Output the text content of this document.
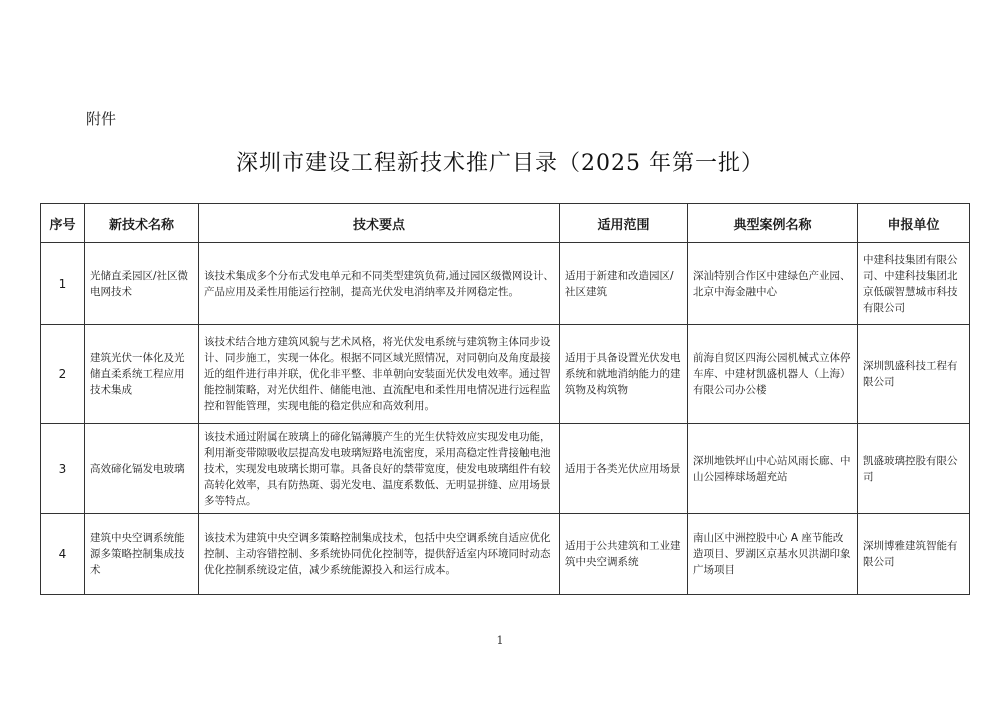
附件
深圳市建设工程新技术推广目录（2025 年第一批）
序号	新技术名称	技术要点	适用范围	典型案例名称	申报单位
1	光储直柔园区/社区微电网技术	该技术集成多个分布式发电单元和不同类型建筑负荷,通过园区级微网设计、产品应用及柔性用能运行控制，提高光伏发电消纳率及并网稳定性。	适用于新建和改造园区/社区建筑	深汕特别合作区中建绿色产业园、北京中海金融中心	中建科技集团有限公司、中建科技集团北京低碳智慧城市科技有限公司
2	建筑光伏一体化及光储直柔系统工程应用技术集成	该技术结合地方建筑风貌与艺术风格，将光伏发电系统与建筑物主体同步设计、同步施工，实现一体化。根据不同区域光照情况，对同朝向及角度最接近的组件进行串并联，优化非平整、非单朝向安装面光伏发电效率。通过智能控制策略，对光伏组件、储能电池、直流配电和柔性用电情况进行远程监控和智能管理，实现电能的稳定供应和高效利用。	适用于具备设置光伏发电系统和就地消纳能力的建筑物及构筑物	前海自贸区四海公园机械式立体停车库、中建材凯盛机器人（上海）有限公司办公楼	深圳凯盛科技工程有限公司
3	高效碲化镉发电玻璃	该技术通过附属在玻璃上的碲化镉薄膜产生的光生伏特效应实现发电功能，利用渐变带隙吸收层提高发电玻璃短路电流密度，采用高稳定性背接触电池技术，实现发电玻璃长期可靠。具备良好的禁带宽度，使发电玻璃组件有较高转化效率，具有防热斑、弱光发电、温度系数低、无明显拼缝、应用场景多等特点。	适用于各类光伏应用场景	深圳地铁坪山中心站风雨长廊、中山公园棒球场超充站	凯盛玻璃控股有限公司
4	建筑中央空调系统能源多策略控制集成技术	该技术为建筑中央空调多策略控制集成技术，包括中央空调系统自适应优化控制、主动容错控制、多系统协同优化控制等，提供舒适室内环境同时动态优化控制系统设定值，减少系统能源投入和运行成本。	适用于公共建筑和工业建筑中央空调系统	南山区中洲控股中心 A 座节能改造项目、罗湖区京基水贝洪湖印象广场项目	深圳博雅建筑智能有限公司
1
